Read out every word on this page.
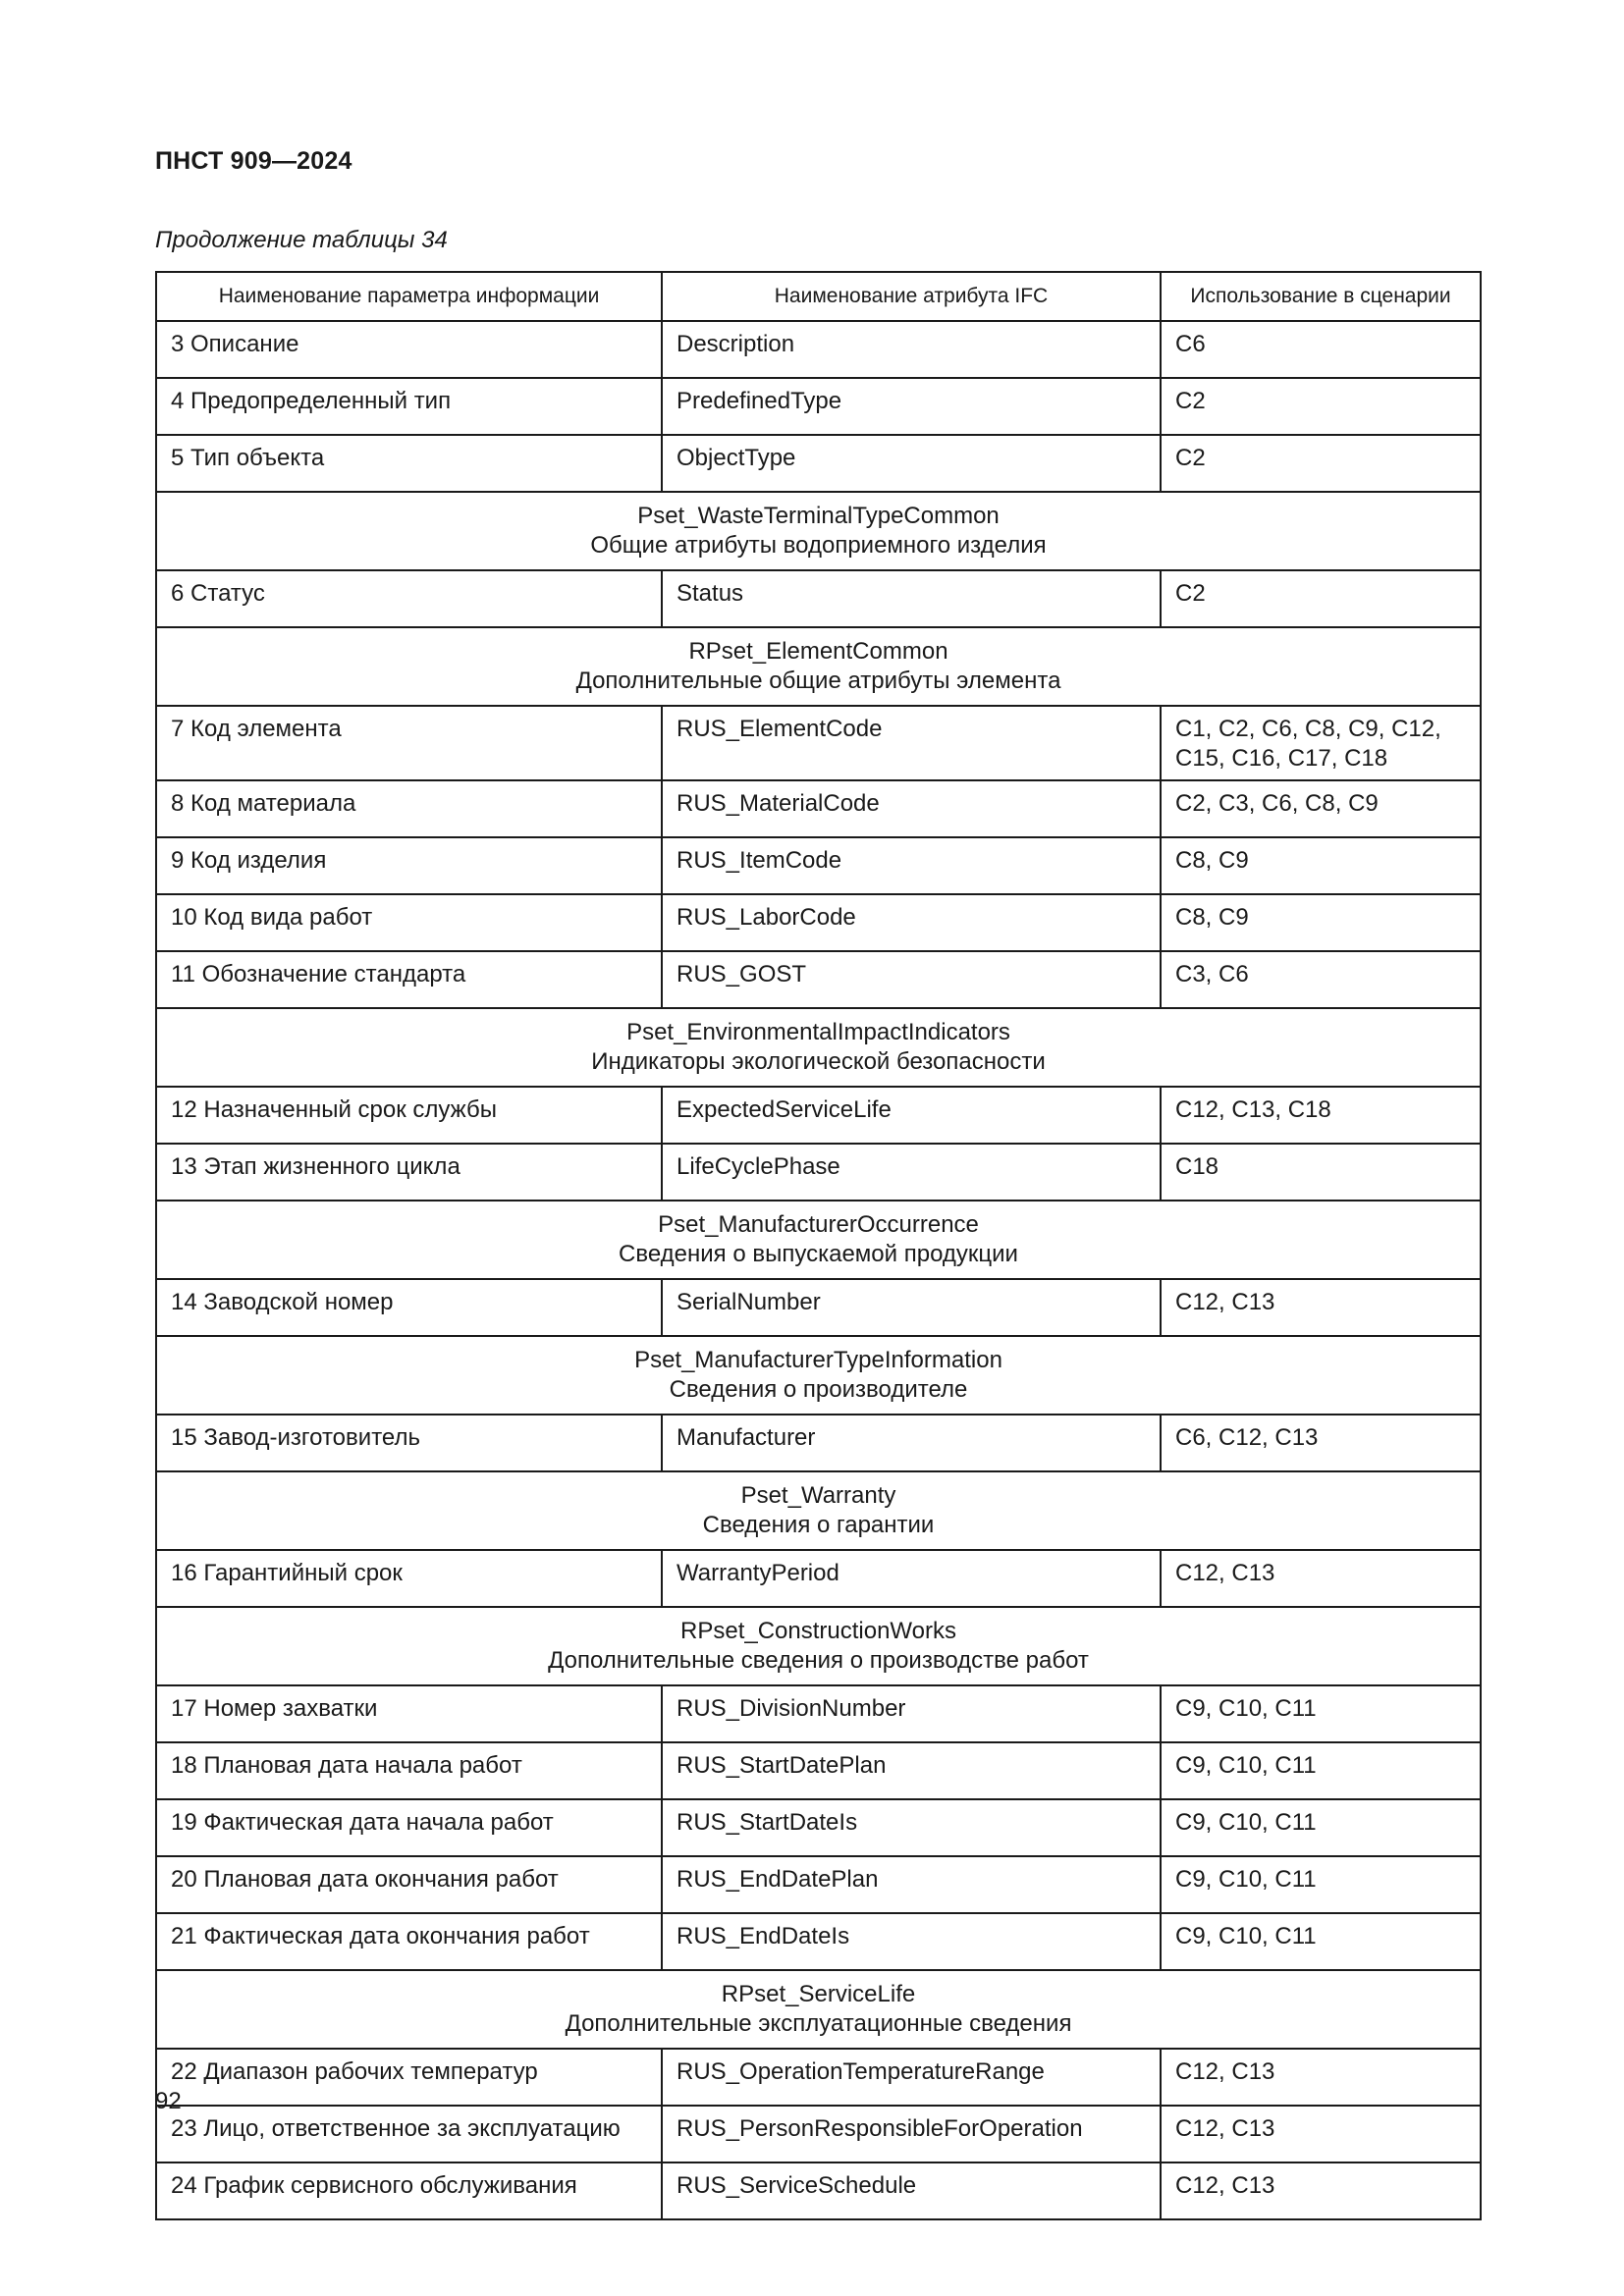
ПНСТ 909—2024
Продолжение таблицы 34
Наименование параметра информации	Наименование атрибута IFC	Использование в сценарии
3 Описание	Description	C6
4 Предопределенный тип	PredefinedType	C2
5 Тип объекта	ObjectType	C2

Pset_WasteTerminalTypeCommon
Общие атрибуты водоприемного изделия		

6 Статус	Status	C2

RPset_ElementCommon
Дополнительные общие атрибуты элемента		

7 Код элемента	RUS_ElementCode	C1, C2, C6, C8, C9, C12, C15, C16, C17, C18
8 Код материала	RUS_MaterialCode	C2, C3, C6, C8, C9
9 Код изделия	RUS_ItemCode	C8, C9
10 Код вида работ	RUS_LaborCode	C8, C9
11 Обозначение стандарта	RUS_GOST	C3, C6

Pset_EnvironmentalImpactIndicators
Индикаторы экологической безопасности		

12 Назначенный срок службы	ExpectedServiceLife	C12, C13, C18
13 Этап жизненного цикла	LifeCyclePhase	C18

Pset_ManufacturerOccurrence
Сведения о выпускаемой продукции		

14 Заводской номер	SerialNumber	C12, C13

Pset_ManufacturerTypeInformation
Сведения о производителе		

15 Завод-изготовитель	Manufacturer	C6, C12, C13

Pset_Warranty
Сведения о гарантии		

16 Гарантийный срок	WarrantyPeriod	C12, C13

RPset_ConstructionWorks
Дополнительные сведения о производстве работ		

17 Номер захватки	RUS_DivisionNumber	C9, C10, C11
18 Плановая дата начала работ	RUS_StartDatePlan	C9, C10, C11
19 Фактическая дата начала работ	RUS_StartDateIs	C9, C10, C11
20 Плановая дата окончания работ	RUS_EndDatePlan	C9, C10, C11
21 Фактическая дата окончания работ	RUS_EndDateIs	C9, C10, C11

RPset_ServiceLife
Дополнительные эксплуатационные сведения		

22 Диапазон рабочих температур	RUS_OperationTemperatureRange	C12, C13
23 Лицо, ответственное за эксплуатацию	RUS_PersonResponsibleForOperation	C12, C13
24 График сервисного обслуживания	RUS_ServiceSchedule	C12, C13
92
